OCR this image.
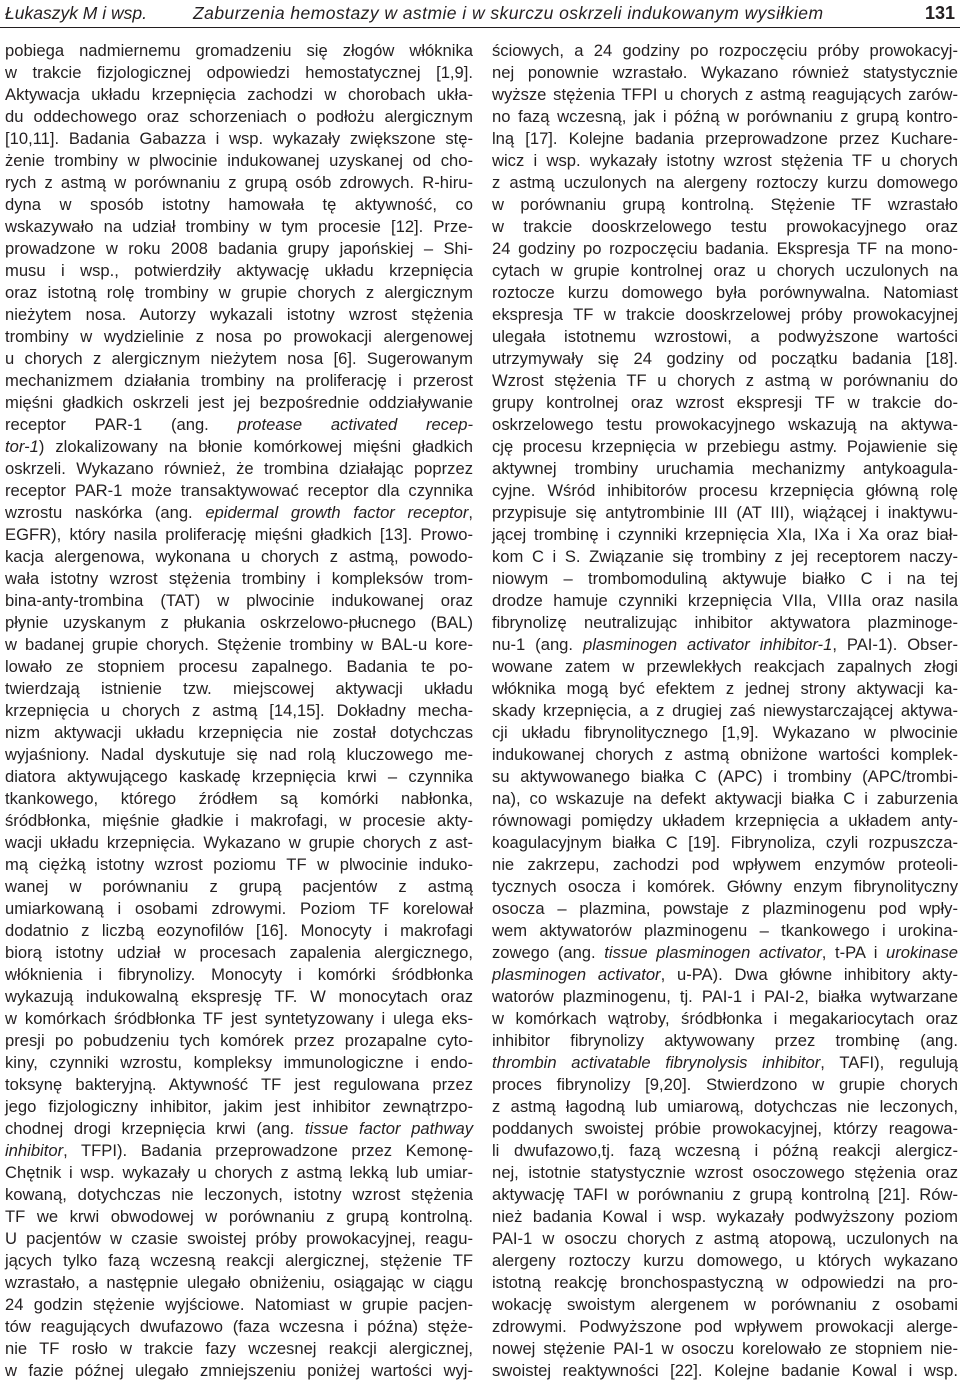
Łukaszyk M i wsp.	Zaburzenia hemostazy w astmie i w skurczu oskrzeli indukowanym wysiłkiem	131
pobiega nadmiernemu gromadzeniu się złogów włóknika
w trakcie fizjologicznej odpowiedzi hemostatycznej [1,9].
Aktywacja układu krzepnięcia zachodzi w chorobach ukła-
du oddechowego oraz schorzeniach o podłożu alergicznym
[10,11]. Badania Gabazza i wsp. wykazały zwiększone stę-
żenie trombiny w plwocinie indukowanej uzyskanej od cho-
rych z astmą w porównaniu z grupą osób zdrowych. R-hiru-
dyna w sposób istotny hamowała tę aktywność, co
wskazywało na udział trombiny w tym procesie [12]. Prze-
prowadzone w roku 2008 badania grupy japońskiej – Shi-
musu i wsp., potwierdziły aktywację układu krzepnięcia
oraz istotną rolę trombiny w grupie chorych z alergicznym
nieżytem nosa. Autorzy wykazali istotny wzrost stężenia
trombiny w wydzielinie z nosa po prowokacji alergenowej
u chorych z alergicznym nieżytem nosa [6]. Sugerowanym
mechanizmem działania trombiny na proliferację i przerost
mięśni gładkich oskrzeli jest jej bezpośrednie oddziaływanie
receptor PAR-1 (ang. protease activated recep-
tor-1) zlokalizowany na błonie komórkowej mięśni gładkich
oskrzeli. Wykazano również, że trombina działając poprzez
receptor PAR-1 może transaktywować receptor dla czynnika
wzrostu naskórka (ang. epidermal growth factor receptor,
EGFR), który nasila proliferację mięśni gładkich [13]. Prowo-
kacja alergenowa, wykonana u chorych z astmą, powodo-
wała istotny wzrost stężenia trombiny i kompleksów trom-
bina-anty-trombina (TAT) w plwocinie indukowanej oraz
płynie uzyskanym z płukania oskrzelowo-płucnego (BAL)
w badanej grupie chorych. Stężenie trombiny w BAL-u kore-
lowało ze stopniem procesu zapalnego. Badania te po-
twierdzają istnienie tzw. miejscowej aktywacji układu
krzepnięcia u chorych z astmą [14,15]. Dokładny mecha-
nizm aktywacji układu krzepnięcia nie został dotychczas
wyjaśniony. Nadal dyskutuje się nad rolą kluczowego me-
diatora aktywującego kaskadę krzepnięcia krwi – czynnika
tkankowego, którego źródłem są komórki nabłonka,
śródbłonka, mięśnie gładkie i makrofagi, w procesie akty-
wacji układu krzepnięcia. Wykazano w grupie chorych z ast-
mą ciężką istotny wzrost poziomu TF w plwocinie induko-
wanej w porównaniu z grupą pacjentów z astmą
umiarkowaną i osobami zdrowymi. Poziom TF korelował
dodatnio z liczbą eozynofilów [16]. Monocyty i makrofagi
biorą istotny udział w procesach zapalenia alergicznego,
włóknienia i fibrynolizy. Monocyty i komórki śródbłonka
wykazują indukowalną ekspresję TF. W monocytach oraz
w komórkach śródbłonka TF jest syntetyzowany i ulega eks-
presji po pobudzeniu tych komórek przez prozapalne cyto-
kiny, czynniki wzrostu, kompleksy immunologiczne i endo-
toksynę bakteryjną. Aktywność TF jest regulowana przez
jego fizjologiczny inhibitor, jakim jest inhibitor zewnątrzpo-
chodnej drogi krzepnięcia krwi (ang. tissue factor pathway
inhibitor, TFPI). Badania przeprowadzone przez Kemonę-
Chętnik i wsp. wykazały u chorych z astmą lekką lub umiar-
kowaną, dotychczas nie leczonych, istotny wzrost stężenia
TF we krwi obwodowej w porównaniu z grupą kontrolną.
U pacjentów w czasie swoistej próby prowokacyjnej, reagu-
jących tylko fazą wczesną reakcji alergicznej, stężenie TF
wzrastało, a następnie ulegało obniżeniu, osiągając w ciągu
24 godzin stężenie wyjściowe. Natomiast w grupie pacjen-
tów reagujących dwufazowo (faza wczesna i późna) stęże-
nie TF rosło w trakcie fazy wczesnej reakcji alergicznej,
w fazie późnej ulegało zmniejszeniu poniżej wartości wyj-
ściowych, a 24 godziny po rozpoczęciu próby prowokacyj-
nej ponownie wzrastało. Wykazano również statystycznie
wyższe stężenia TFPI u chorych z astmą reagujących zarów-
no fazą wczesną, jak i późną w porównaniu z grupą kontro-
lną [17]. Kolejne badania przeprowadzone przez Kuchare-
wicz i wsp. wykazały istotny wzrost stężenia TF u chorych
z astmą uczulonych na alergeny roztoczy kurzu domowego
w porównaniu grupą kontrolną. Stężenie TF wzrastało
w trakcie dooskrzelowego testu prowokacyjnego oraz
24 godziny po rozpoczęciu badania. Ekspresja TF na mono-
cytach w grupie kontrolnej oraz u chorych uczulonych na
roztocze kurzu domowego była porównywalna. Natomiast
ekspresja TF w trakcie dooskrzelowej próby prowokacyjnej
ulegała istotnemu wzrostowi, a podwyższone wartości
utrzymywały się 24 godziny od początku badania [18].
Wzrost stężenia TF u chorych z astmą w porównaniu do
grupy kontrolnej oraz wzrost ekspresji TF w trakcie do-
oskrzelowego testu prowokacyjnego wskazują na aktywa-
cję procesu krzepnięcia w przebiegu astmy. Pojawienie się
aktywnej trombiny uruchamia mechanizmy antykoagula-
cyjne. Wśród inhibitorów procesu krzepnięcia główną rolę
przypisuje się antytrombinie III (AT III), wiążącej i inaktywu-
jącej trombinę i czynniki krzepnięcia XIa, IXa i Xa oraz biał-
kom C i S. Związanie się trombiny z jej receptorem naczy-
niowym – trombomoduliną aktywuje białko C i na tej
drodze hamuje czynniki krzepnięcia VIIa, VIIIa oraz nasila
fibrynolizę neutralizując inhibitor aktywatora plazminoge-
nu-1 (ang. plasminogen activator inhibitor-1, PAI-1). Obser-
wowane zatem w przewlekłych reakcjach zapalnych złogi
włóknika mogą być efektem z jednej strony aktywacji ka-
skady krzepnięcia, a z drugiej zaś niewystarczającej aktywa-
cji układu fibrynolitycznego [1,9]. Wykazano w plwocinie
indukowanej chorych z astmą obniżone wartości komplek-
su aktywowanego białka C (APC) i trombiny (APC/trombi-
na), co wskazuje na defekt aktywacji białka C i zaburzenia
równowagi pomiędzy układem krzepnięcia a układem anty-
koagulacyjnym białka C [19]. Fibrynoliza, czyli rozpuszcza-
nie zakrzepu, zachodzi pod wpływem enzymów proteoli-
tycznych osocza i komórek. Główny enzym fibrynolityczny
osocza – plazmina, powstaje z plazminogenu pod wpły-
wem aktywatorów plazminogenu – tkankowego i urokina-
zowego (ang. tissue plasminogen activator, t-PA i urokinase
plasminogen activator, u-PA). Dwa główne inhibitory akty-
watorów plazminogenu, tj. PAI-1 i PAI-2, białka wytwarzane
w komórkach wątroby, śródbłonka i megakariocytach oraz
inhibitor fibrynolizy aktywowany przez trombinę (ang.
thrombin activatable fibrynolysis inhibitor, TAFI), regulują
proces fibrynolizy [9,20]. Stwierdzono w grupie chorych
z astmą łagodną lub umiarową, dotychczas nie leczonych,
poddanych swoistej próbie prowokacyjnej, którzy reagowa-
li dwufazowo,tj. fazą wczesną i późną reakcji alergicz-
nej, istotnie statystycznie wzrost osoczowego stężenia oraz
aktywację TAFI w porównaniu z grupą kontrolną [21]. Rów-
nież badania Kowal i wsp. wykazały podwyższony poziom
PAI-1 w osoczu chorych z astmą atopową, uczulonych na
alergeny roztoczy kurzu domowego, u których wykazano
istotną reakcję bronchospastyczną w odpowiedzi na pro-
wokację swoistym alergenem w porównaniu z osobami
zdrowymi. Podwyższone pod wpływem prowokacji alerge-
nowej stężenie PAI-1 w osoczu korelowało ze stopniem nie-
swoistej reaktywności [22]. Kolejne badanie Kowal i wsp.
